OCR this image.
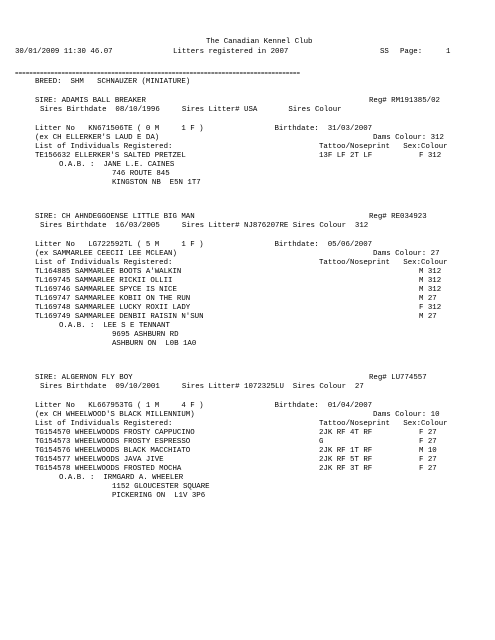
The Canadian Kennel Club
30/01/2009 11:30 46.07	Litters registered in 2007	SS Page:	1
================================================================================
BREED:  SHM   SCHNAUZER (MINIATURE)
SIRE: ADAMIS BALL BREAKER	Reg# RM191385/02
Sires Birthdate  08/10/1996     Sires Litter# USA       Sires Colour
Litter No   KN671506TE ( 0 M     1 F )                Birthdate:  31/03/2007
(ex CH ELLERKER'S LAUD E DA)	Dams Colour: 312
List of Individuals Registered:	Tattoo/Noseprint   Sex:Colour
TE156632 ELLERKER'S SALTED PRETZEL	13F LF 2T LF	F 312
O.A.B. :  JANE L.E. CAINES
746 ROUTE 845
KINGSTON NB  E5N 1T7
SIRE: CH AHNDEGGOENSE LITTLE BIG MAN	Reg# RE034923
Sires Birthdate  16/03/2005     Sires Litter# NJ876207RE Sires Colour  312
Litter No   LG722592TL ( 5 M     1 F )                Birthdate:  05/06/2007
(ex SAMMARLEE CEECII LEE MCLEAN)	Dams Colour: 27
List of Individuals Registered:	Tattoo/Noseprint   Sex:Colour
TL164885 SAMMARLEE BOOTS A'WALKIN	M 312
TL169745 SAMMARLEE RICKII OLLII	M 312
TL169746 SAMMARLEE SPYCE IS NICE	M 312
TL169747 SAMMARLEE KOBII ON THE RUN	M 27
TL169748 SAMMARLEE LUCKY ROXII LADY	F 312
TL169749 SAMMARLEE DENBII RAISIN N'SUN	M 27
O.A.B. :  LEE S E TENNANT
9695 ASHBURN RD
ASHBURN ON  L0B 1A0
SIRE: ALGERNON FLY BOY	Reg# LU774557
Sires Birthdate  09/10/2001     Sires Litter# 1072325LU  Sires Colour  27
Litter No   KL667953TG ( 1 M     4 F )                Birthdate:  01/04/2007
(ex CH WHEELWOOD'S BLACK MILLENNIUM)	Dams Colour: 10
List of Individuals Registered:	Tattoo/Noseprint   Sex:Colour
TG154570 WHEELWOODS FROSTY CAPPUCINO	2JK RF 4T RF	F 27
TG154573 WHEELWOODS FROSTY ESPRESSO	G	F 27
TG154576 WHEELWOODS BLACK MACCHIATO	2JK RF 1T RF	M 10
TG154577 WHEELWOODS JAVA JIVE	2JK RF 5T RF	F 27
TG154578 WHEELWOODS FROSTED MOCHA	2JK RF 3T RF	F 27
O.A.B. :  IRMGARD A. WHEELER
1152 GLOUCESTER SQUARE
PICKERING ON  L1V 3P6
